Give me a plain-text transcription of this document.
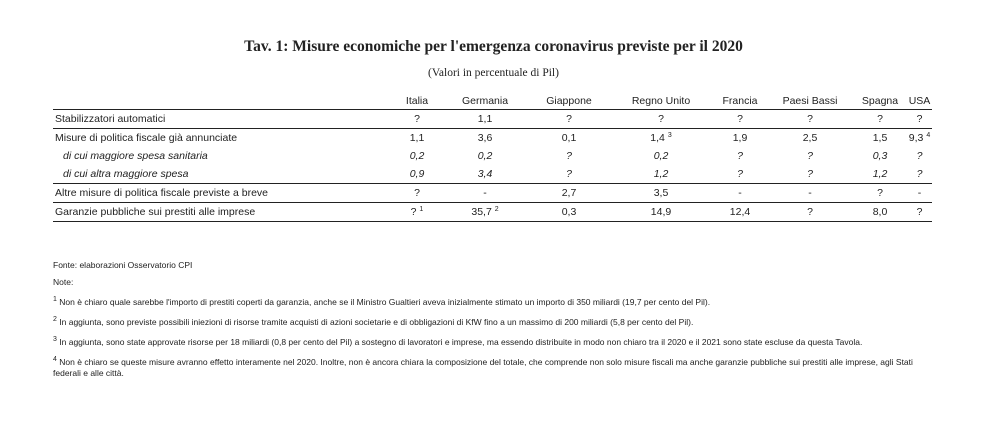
Tav. 1: Misure economiche per l'emergenza coronavirus previste per il 2020
(Valori in percentuale di Pil)
	Italia	Germania	Giappone	Regno Unito	Francia	Paesi Bassi	Spagna	USA
Stabilizzatori automatici	?	1,1	?	?	?	?	?	?
Misure di politica fiscale già annunciate	1,1	3,6	0,1	1,4 $^3$	1,9	2,5	1,5	9,3 $^4$
di cui maggiore spesa sanitaria	0,2	0,2	?	0,2	?	?	0,3	?
di cui altra maggiore spesa	0,9	3,4	?	1,2	?	?	1,2	?
Altre misure di politica fiscale previste a breve	?	-	2,7	3,5	-	-	?	-
Garanzie pubbliche sui prestiti alle imprese	? $^1$	35,7 $^2$	0,3	14,9	12,4	?	8,0	?

Fonte: elaborazioni Osservatorio CPI

Note:

$^1$ Non è chiaro quale sarebbe l'importo di prestiti coperti da garanzia, anche se il Ministro Gualtieri aveva inizialmente stimato un importo di 350 miliardi (19,7 per cento del Pil).

$^2$ In aggiunta, sono previste possibili iniezioni di risorse tramite acquisti di azioni societarie e di obbligazioni di KfW fino a un massimo di 200 miliardi (5,8 per cento del Pil).

$^3$ In aggiunta, sono state approvate risorse per 18 miliardi (0,8 per cento del Pil) a sostegno di lavoratori e imprese, ma essendo distribuite in modo non chiaro tra il 2020 e il 2021 sono state escluse da questa Tavola.

$^4$ Non è chiaro se queste misure avranno effetto interamente nel 2020. Inoltre, non è ancora chiara la composizione del totale, che comprende non solo misure fiscali ma anche garanzie pubbliche sui prestiti alle imprese, agli Stati federali e alle città.
